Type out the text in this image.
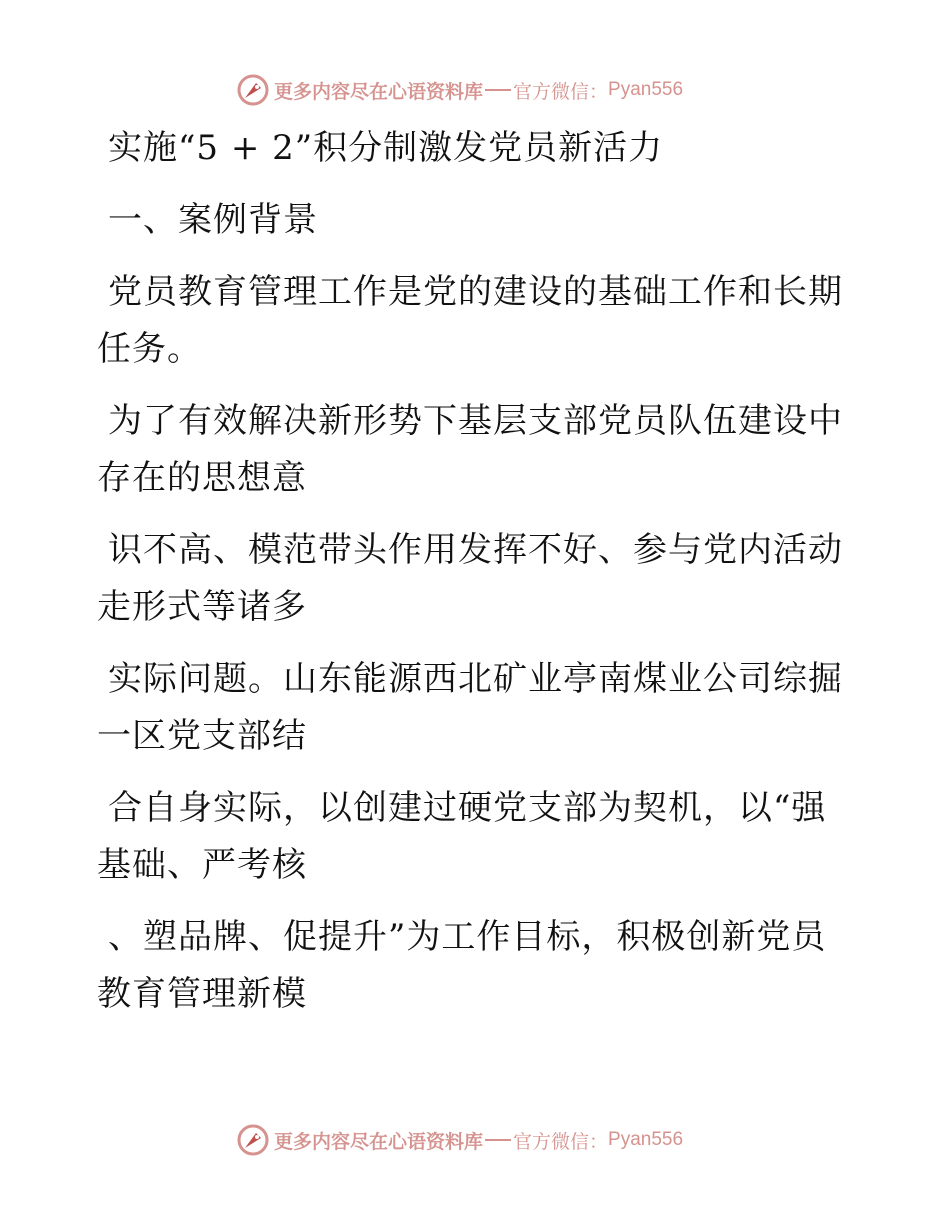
更多内容尽在心语资料库 官方微信： Pyan556
实施“5 + 2”积分制激发党员新活力
一、案例背景
党员教育管理工作是党的建设的基础工作和长期
任务。
为了有效解决新形势下基层支部党员队伍建设中
存在的思想意
识不高、模范带头作用发挥不好、参与党内活动
走形式等诸多
实际问题。山东能源西北矿业亭南煤业公司综掘
一区党支部结
合自身实际，以创建过硬党支部为契机，以“强
基础、严考核
、塑品牌、促提升”为工作目标，积极创新党员
教育管理新模
更多内容尽在心语资料库 官方微信： Pyan556
